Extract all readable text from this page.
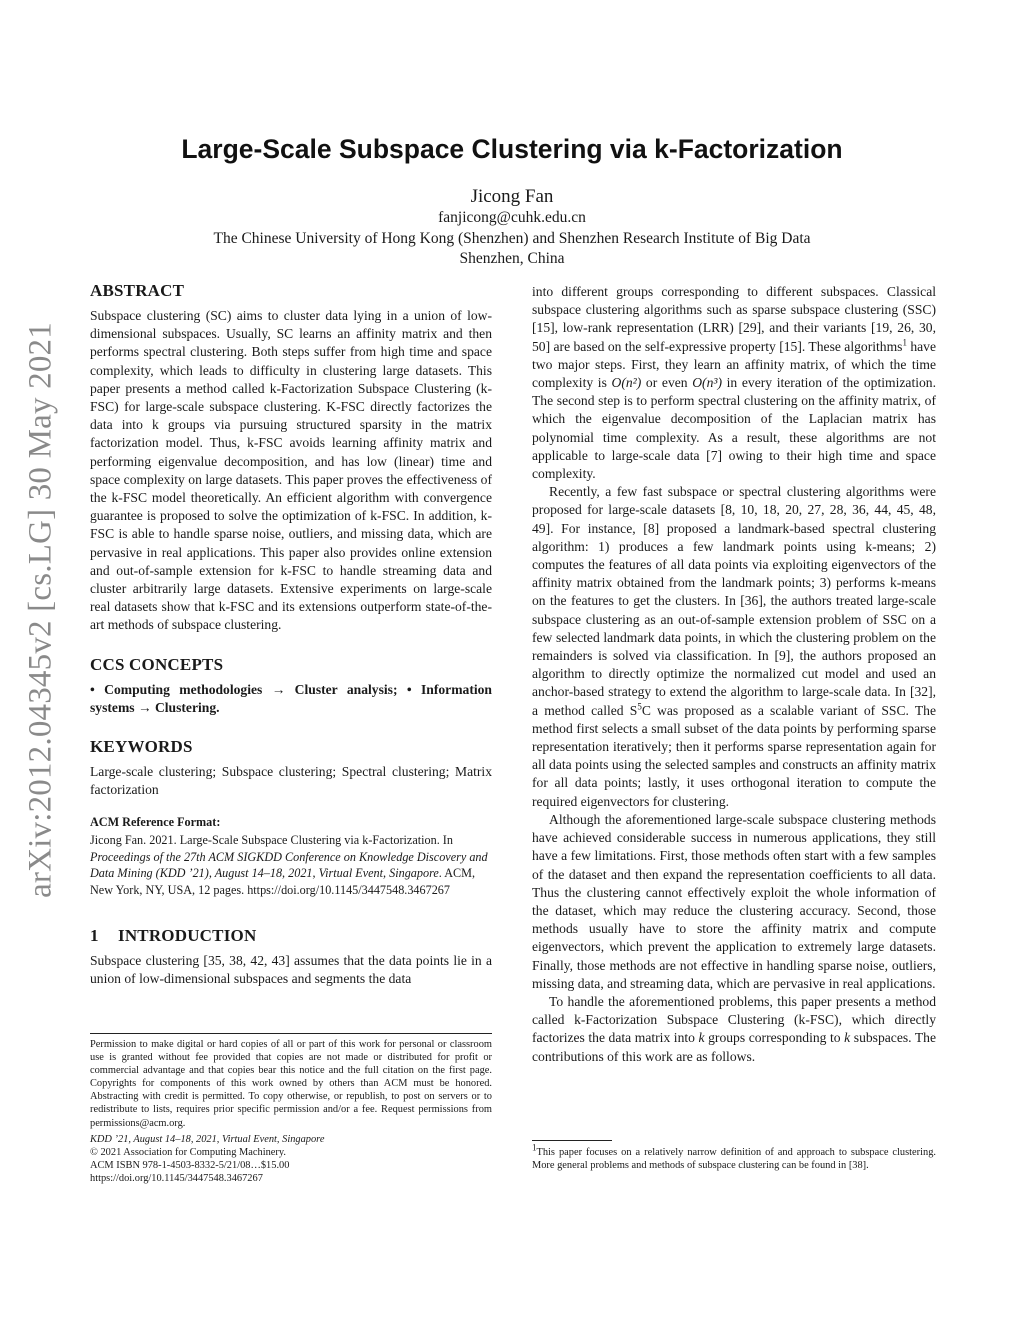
arXiv:2012.04345v2 [cs.LG] 30 May 2021
Large-Scale Subspace Clustering via k-Factorization
Jicong Fan
fanjicong@cuhk.edu.cn
The Chinese University of Hong Kong (Shenzhen) and Shenzhen Research Institute of Big Data
Shenzhen, China
ABSTRACT

Subspace clustering (SC) aims to cluster data lying in a union of low-dimensional subspaces. Usually, SC learns an affinity matrix and then performs spectral clustering. Both steps suffer from high time and space complexity, which leads to difficulty in clustering large datasets. This paper presents a method called k-Factorization Subspace Clustering (k-FSC) for large-scale subspace clustering. K-FSC directly factorizes the data into k groups via pursuing structured sparsity in the matrix factorization model. Thus, k-FSC avoids learning affinity matrix and performing eigenvalue decomposition, and has low (linear) time and space complexity on large datasets. This paper proves the effectiveness of the k-FSC model theoretically. An efficient algorithm with convergence guarantee is proposed to solve the optimization of k-FSC. In addition, k-FSC is able to handle sparse noise, outliers, and missing data, which are pervasive in real applications. This paper also provides online extension and out-of-sample extension for k-FSC to handle streaming data and cluster arbitrarily large datasets. Extensive experiments on large-scale real datasets show that k-FSC and its extensions outperform state-of-the-art methods of subspace clustering.

CCS CONCEPTS

• Computing methodologies → Cluster analysis; • Information systems → Clustering.

KEYWORDS

Large-scale clustering; Subspace clustering; Spectral clustering; Matrix factorization

ACM Reference Format:

Jicong Fan. 2021. Large-Scale Subspace Clustering via k-Factorization. In Proceedings of the 27th ACM SIGKDD Conference on Knowledge Discovery and Data Mining (KDD ’21), August 14–18, 2021, Virtual Event, Singapore. ACM, New York, NY, USA, 12 pages. https://doi.org/10.1145/3447548.3467267

1 INTRODUCTION

Subspace clustering [35, 38, 42, 43] assumes that the data points lie in a union of low-dimensional subspaces and segments the data

Permission to make digital or hard copies of all or part of this work for personal or classroom use is granted without fee provided that copies are not made or distributed for profit or commercial advantage and that copies bear this notice and the full citation on the first page. Copyrights for components of this work owned by others than ACM must be honored. Abstracting with credit is permitted. To copy otherwise, or republish, to post on servers or to redistribute to lists, requires prior specific permission and/or a fee. Request permissions from permissions@acm.org.

KDD ’21, August 14–18, 2021, Virtual Event, Singapore
© 2021 Association for Computing Machinery.
ACM ISBN 978-1-4503-8332-5/21/08…$15.00
https://doi.org/10.1145/3447548.3467267

into different groups corresponding to different subspaces. Classical subspace clustering algorithms such as sparse subspace clustering (SSC) [15], low-rank representation (LRR) [29], and their variants [19, 26, 30, 50] are based on the self-expressive property [15]. These algorithms$^1$ have two major steps. First, they learn an affinity matrix, of which the time complexity is O(n²) or even O(n³) in every iteration of the optimization. The second step is to perform spectral clustering on the affinity matrix, of which the eigenvalue decomposition of the Laplacian matrix has polynomial time complexity. As a result, these algorithms are not applicable to large-scale data [7] owing to their high time and space complexity.

Recently, a few fast subspace or spectral clustering algorithms were proposed for large-scale datasets [8, 10, 18, 20, 27, 28, 36, 44, 45, 48, 49]. For instance, [8] proposed a landmark-based spectral clustering algorithm: 1) produces a few landmark points using k-means; 2) computes the features of all data points via exploiting eigenvectors of the affinity matrix obtained from the landmark points; 3) performs k-means on the features to get the clusters. In [36], the authors treated large-scale subspace clustering as an out-of-sample extension problem of SSC on a few selected landmark data points, in which the clustering problem on the remainders is solved via classification. In [9], the authors proposed an algorithm to directly optimize the normalized cut model and used an anchor-based strategy to extend the algorithm to large-scale data. In [32], a method called $S^5C$ was proposed as a scalable variant of SSC. The method first selects a small subset of the data points by performing sparse representation iteratively; then it performs sparse representation again for all data points using the selected samples and constructs an affinity matrix for all data points; lastly, it uses orthogonal iteration to compute the required eigenvectors for clustering.

Although the aforementioned large-scale subspace clustering methods have achieved considerable success in numerous applications, they still have a few limitations. First, those methods often start with a few samples of the dataset and then expand the representation coefficients to all data. Thus the clustering cannot effectively exploit the whole information of the dataset, which may reduce the clustering accuracy. Second, those methods usually have to store the affinity matrix and compute eigenvectors, which prevent the application to extremely large datasets. Finally, those methods are not effective in handling sparse noise, outliers, missing data, and streaming data, which are pervasive in real applications.

To handle the aforementioned problems, this paper presents a method called k-Factorization Subspace Clustering (k-FSC), which directly factorizes the data matrix into k groups corresponding to k subspaces. The contributions of this work are as follows.

$^1$This paper focuses on a relatively narrow definition of and approach to subspace clustering. More general problems and methods of subspace clustering can be found in [38].
